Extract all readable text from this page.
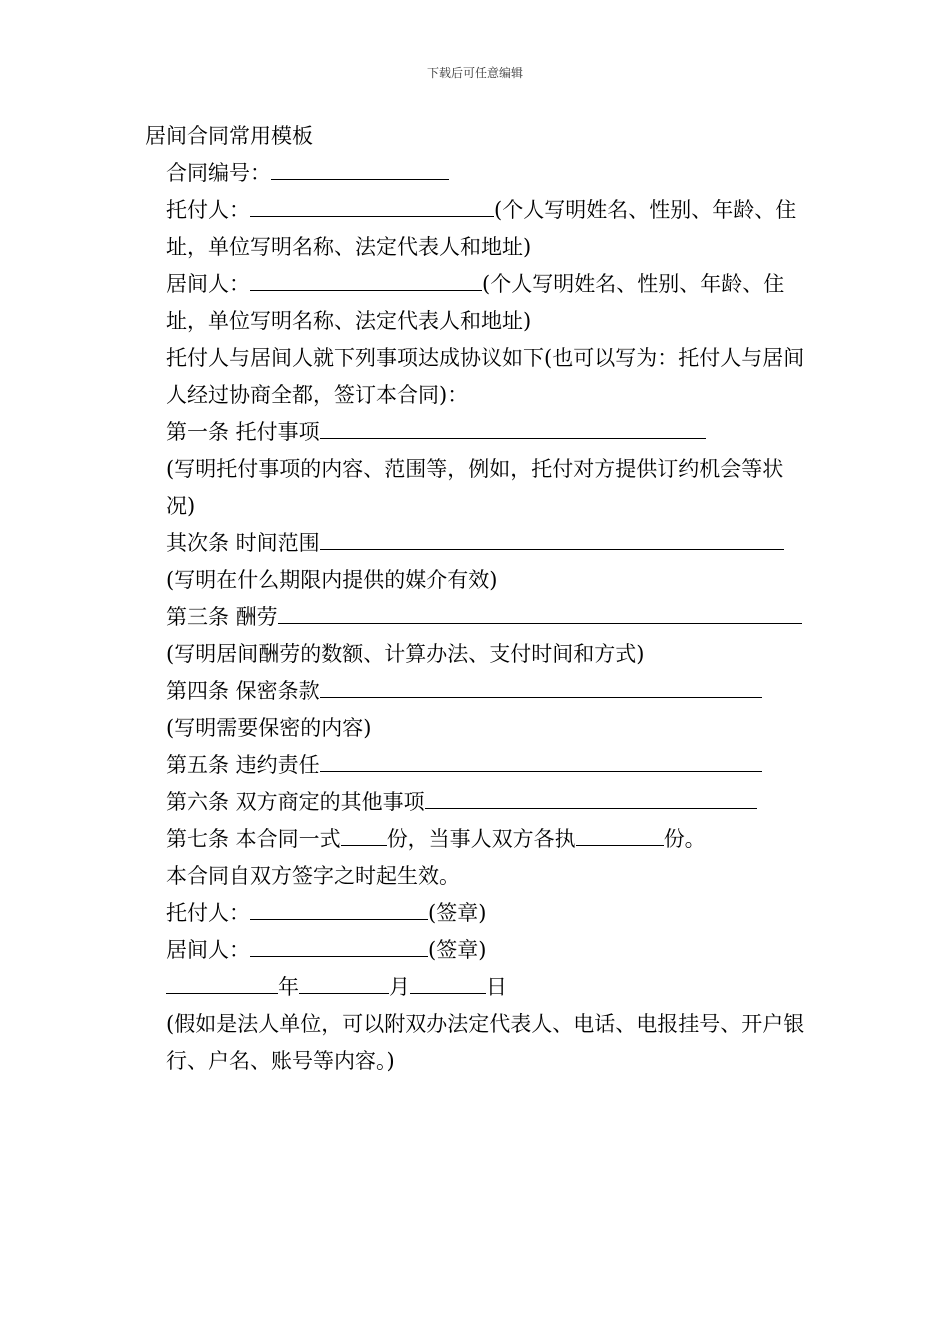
下载后可任意编辑
居间合同常用模板
合同编号：
托付人：	(个人写明姓名、性别、年龄、住址，单位写明名称、法定代表人和地址)
居间人：	(个人写明姓名、性别、年龄、住址，单位写明名称、法定代表人和地址)
托付人与居间人就下列事项达成协议如下(也可以写为：托付人与居间人经过协商全都，签订本合同)：
第一条 托付事项
(写明托付事项的内容、范围等，例如，托付对方提供订约机会等状况)
其次条 时间范围
(写明在什么期限内提供的媒介有效)
第三条 酬劳
(写明居间酬劳的数额、计算办法、支付时间和方式)
第四条 保密条款
(写明需要保密的内容)
第五条 违约责任
第六条 双方商定的其他事项
第七条 本合同一式 份，当事人双方各执	份。
本合同自双方签字之时起生效。
托付人：	(签章)
居间人：	(签章)
年	月	日
(假如是法人单位，可以附双办法定代表人、电话、电报挂号、开户银行、户名、账号等内容。)
